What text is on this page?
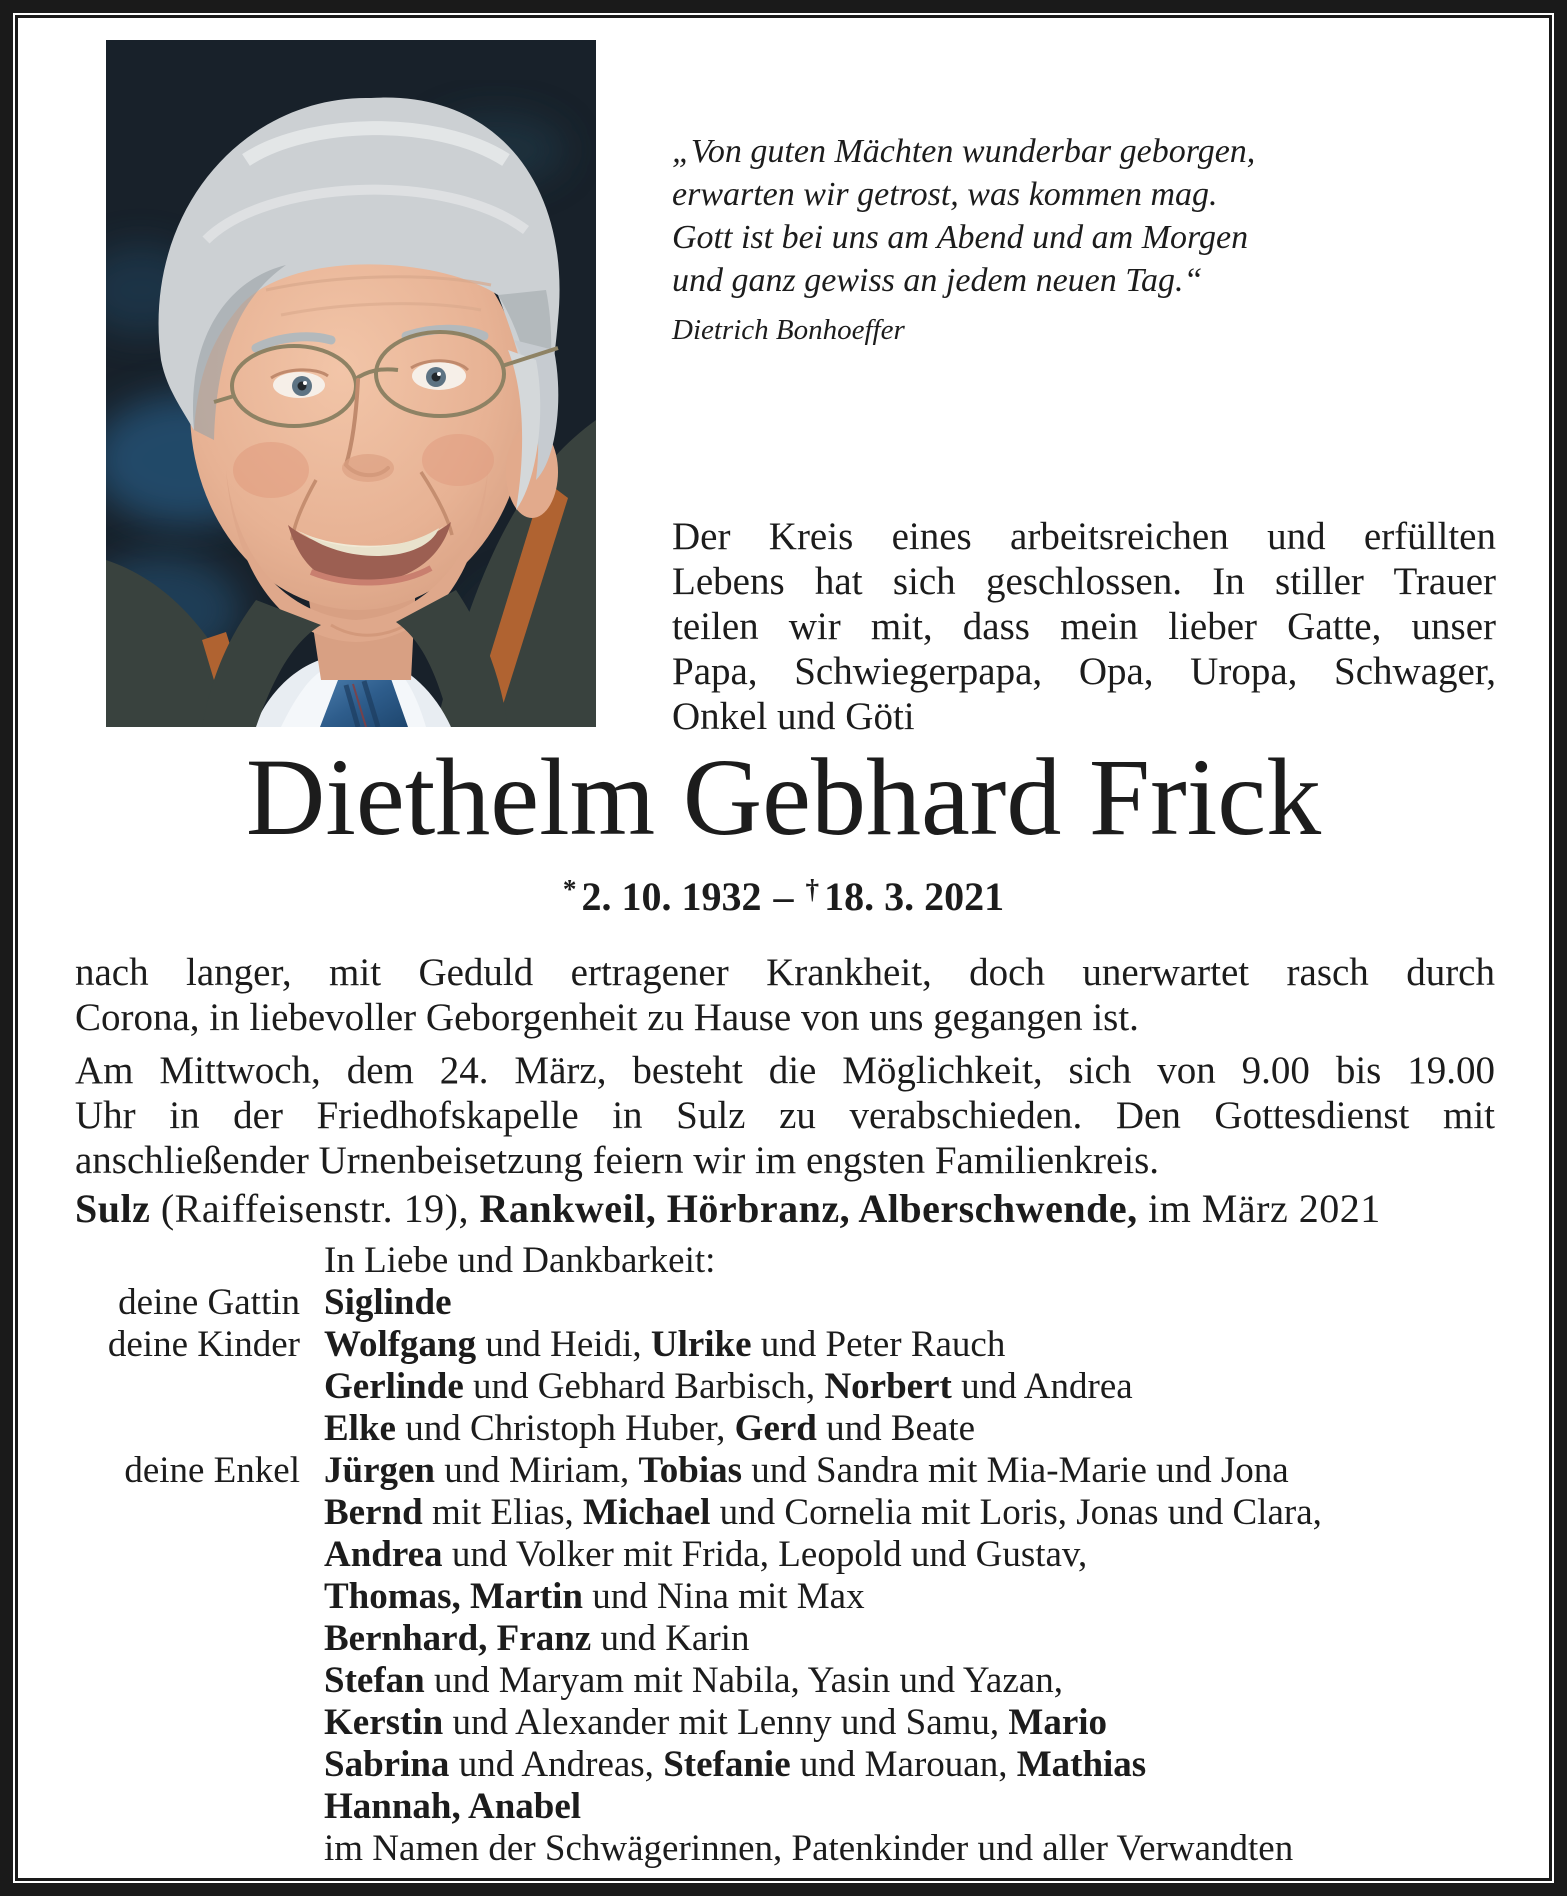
„Von guten Mächten wunderbar geborgen,
erwarten wir getrost, was kommen mag.
Gott ist bei uns am Abend und am Morgen
und ganz gewiss an jedem neuen Tag.“
Dietrich Bonhoeffer
Der Kreis eines arbeitsreichen und erfüllten
Lebens hat sich geschlossen. In stiller Trauer
teilen wir mit, dass mein lieber Gatte, unser
Papa, Schwiegerpapa, Opa, Uropa, Schwager,
Onkel und Göti
Diethelm Gebhard Frick
* 2. 10. 1932 – † 18. 3. 2021
nach langer, mit Geduld ertragener Krankheit, doch unerwartet rasch durch
Corona, in liebevoller Geborgenheit zu Hause von uns gegangen ist.
Am Mittwoch, dem 24. März, besteht die Möglichkeit, sich von 9.00 bis 19.00
Uhr in der Friedhofskapelle in Sulz zu verabschieden. Den Gottesdienst mit
anschließender Urnenbeisetzung feiern wir im engsten Familienkreis.
Sulz (Raiffeisenstr. 19), Rankweil, Hörbranz, Alberschwende, im März 2021
In Liebe und Dankbarkeit:
deine Gattin Siglinde
deine Kinder Wolfgang und Heidi, Ulrike und Peter Rauch
Gerlinde und Gebhard Barbisch, Norbert und Andrea
Elke und Christoph Huber, Gerd und Beate
deine Enkel Jürgen und Miriam, Tobias und Sandra mit Mia-Marie und Jona
Bernd mit Elias, Michael und Cornelia mit Loris, Jonas und Clara,
Andrea und Volker mit Frida, Leopold und Gustav,
Thomas, Martin und Nina mit Max
Bernhard, Franz und Karin
Stefan und Maryam mit Nabila, Yasin und Yazan,
Kerstin und Alexander mit Lenny und Samu, Mario
Sabrina und Andreas, Stefanie und Marouan, Mathias
Hannah, Anabel
im Namen der Schwägerinnen, Patenkinder und aller Verwandten
